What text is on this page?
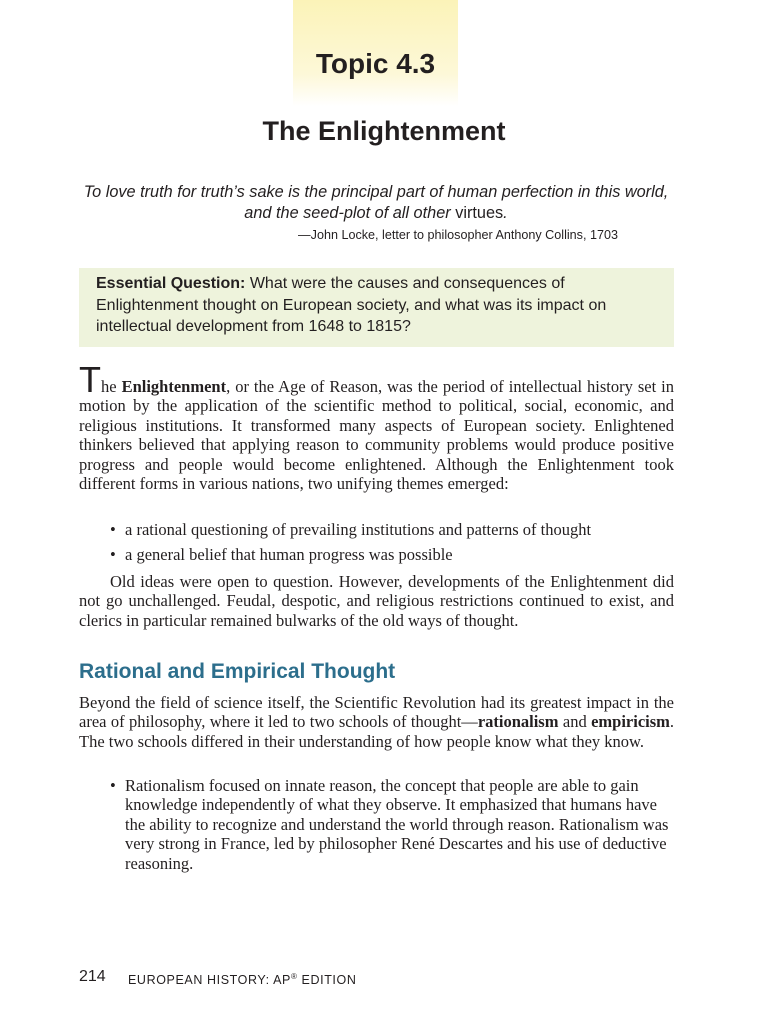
Topic 4.3
The Enlightenment
To love truth for truth’s sake is the principal part of human perfection in this world, and the seed-plot of all other virtues.
—John Locke, letter to philosopher Anthony Collins, 1703

Essential Question: What were the causes and consequences of Enlightenment thought on European society, and what was its impact on intellectual development from 1648 to 1815?

The Enlightenment, or the Age of Reason, was the period of intellectual history set in motion by the application of the scientific method to political, social, economic, and religious institutions. It transformed many aspects of European society. Enlightened thinkers believed that applying reason to community problems would produce positive progress and people would become enlightened. Although the Enlightenment took different forms in various nations, two unifying themes emerged:

• a rational questioning of prevailing institutions and patterns of thought
• a general belief that human progress was possible

Old ideas were open to question. However, developments of the Enlightenment did not go unchallenged. Feudal, despotic, and religious restrictions continued to exist, and clerics in particular remained bulwarks of the old ways of thought.

Rational and Empirical Thought

Beyond the field of science itself, the Scientific Revolution had its greatest impact in the area of philosophy, where it led to two schools of thought—rationalism and empiricism. The two schools differed in their understanding of how people know what they know.

• Rationalism focused on innate reason, the concept that people are able to gain knowledge independently of what they observe. It emphasized that humans have the ability to recognize and understand the world through reason. Rationalism was very strong in France, led by philosopher René Descartes and his use of deductive reasoning.
214 EUROPEAN HISTORY: AP® EDITION
